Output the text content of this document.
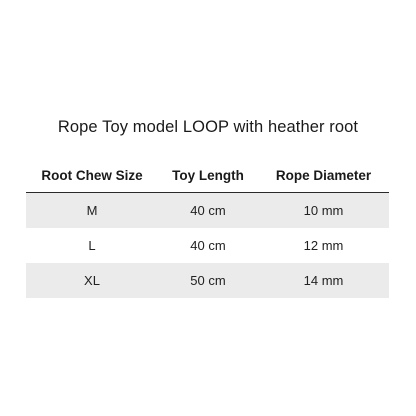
Rope Toy model LOOP with heather root
Root Chew Size	Toy Length	Rope Diameter
M	40 cm	10 mm
L	40 cm	12 mm
XL	50 cm	14 mm
